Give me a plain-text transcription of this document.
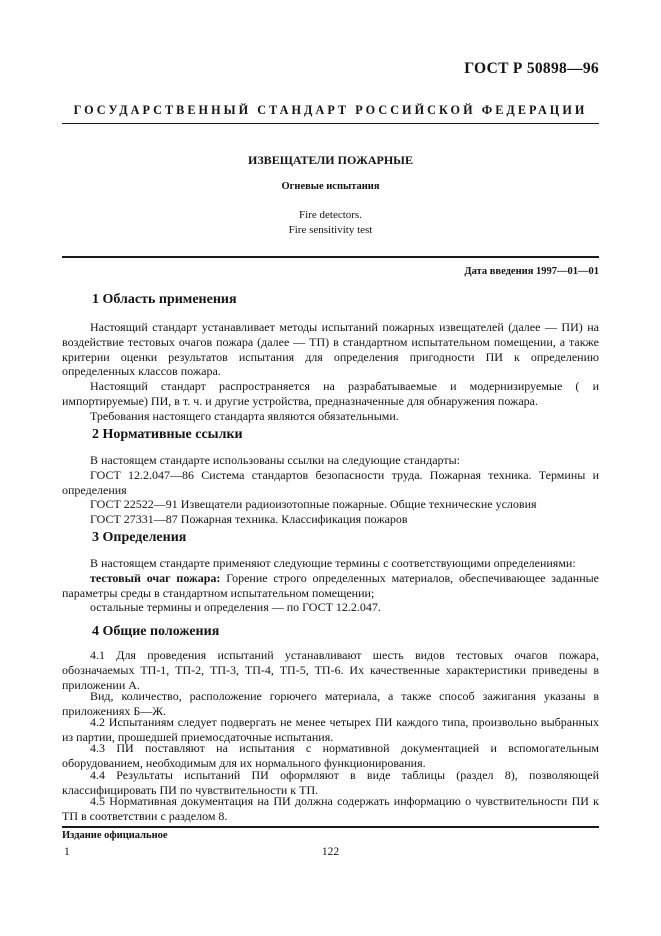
ГОСТ Р 50898—96
ГОСУДАРСТВЕННЫЙ СТАНДАРТ РОССИЙСКОЙ ФЕДЕРАЦИИ
ИЗВЕЩАТЕЛИ ПОЖАРНЫЕ
Огневые испытания
Fire detectors.
Fire sensitivity test
Дата введения 1997—01—01
1 Область применения

Настоящий стандарт устанавливает методы испытаний пожарных извещателей (далее — ПИ) на воздействие тестовых очагов пожара (далее — ТП) в стандартном испытательном помещении, а также критерии оценки результатов испытания для определения пригодности ПИ к определению определенных классов пожара.

Настоящий стандарт распространяется на разрабатываемые и модернизируемые ( и импортируемые) ПИ, в т. ч. и другие устройства, предназначенные для обнаружения пожара.

Требования настоящего стандарта являются обязательными.

2 Нормативные ссылки

В настоящем стандарте использованы ссылки на следующие стандарты:

ГОСТ 12.2.047—86 Система стандартов безопасности труда. Пожарная техника. Термины и определения

ГОСТ 22522—91 Извещатели радиоизотопные пожарные. Общие технические условия

ГОСТ 27331—87 Пожарная техника. Классификация пожаров

3 Определения

В настоящем стандарте применяют следующие термины с соответствующими определениями:

тестовый очаг пожара: Горение строго определенных материалов, обеспечивающее заданные параметры среды в стандартном испытательном помещении;

остальные термины и определения — по ГОСТ 12.2.047.

4 Общие положения

4.1 Для проведения испытаний устанавливают шесть видов тестовых очагов пожара, обозначаемых ТП-1, ТП-2, ТП-3, ТП-4, ТП-5, ТП-6. Их качественные характеристики приведены в приложении А.

Вид, количество, расположение горючего материала, а также способ зажигания указаны в приложениях Б—Ж.

4.2 Испытаниям следует подвергать не менее четырех ПИ каждого типа, произвольно выбранных из партии, прошедшей приемосдаточные испытания.

4.3 ПИ поставляют на испытания с нормативной документацией и вспомогательным оборудованием, необходимым для их нормального функционирования.

4.4 Результаты испытаний ПИ оформляют в виде таблицы (раздел 8), позволяющей классифицировать ПИ по чувствительности к ТП.

4.5 Нормативная документация на ПИ должна содержать информацию о чувствительности ПИ к ТП в соответствии с разделом 8.

Издание официальное
1	122
